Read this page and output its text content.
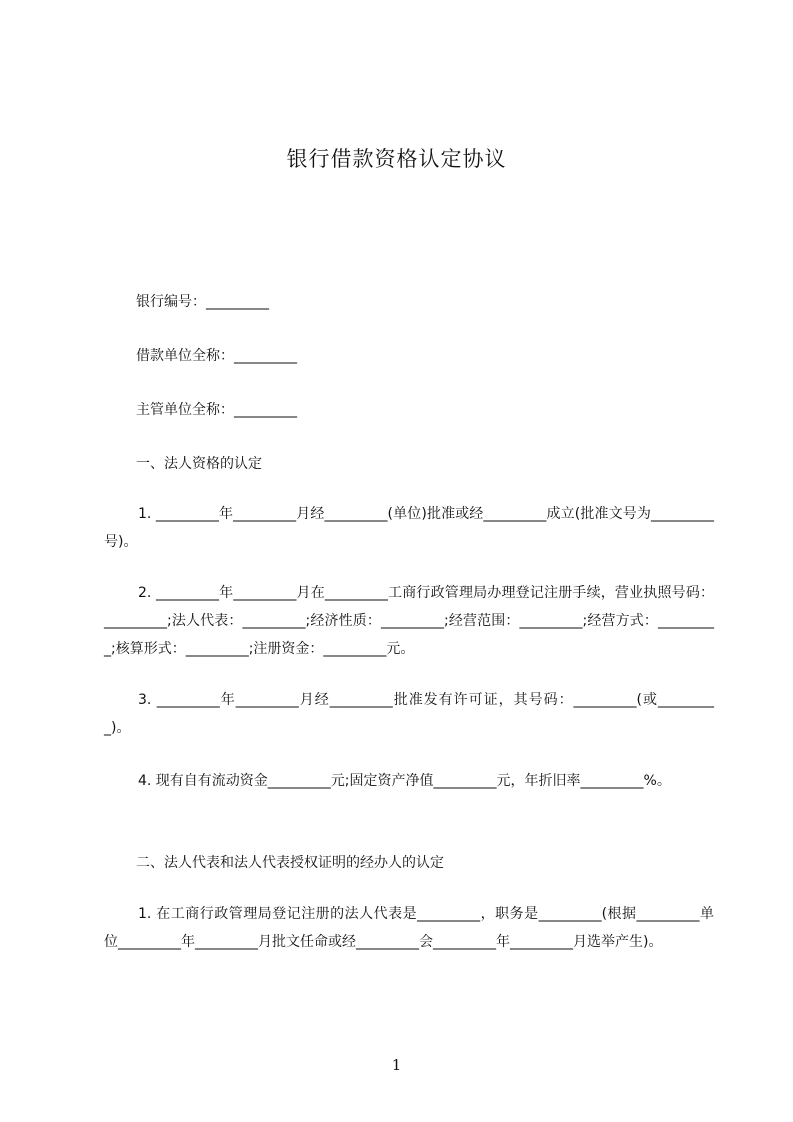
银行借款资格认定协议
银行编号：_________
借款单位全称：_________
主管单位全称：_________
一、法人资格的认定
1. _________年_________月经_________(单位)批准或经_________成立(批准文号为_________号)。
2. _________年_________月在_________工商行政管理局办理登记注册手续，营业执照号码：_________;法人代表：_________;经济性质：_________;经营范围：_________;经营方式：_________;核算形式：_________;注册资金：_________元。
3. _________年_________月经_________批准发有许可证，其号码：_________(或_________)。
4. 现有自有流动资金_________元;固定资产净值_________元，年折旧率_________%。
二、法人代表和法人代表授权证明的经办人的认定
1. 在工商行政管理局登记注册的法人代表是_________，职务是_________(根据_________单位_________年_________月批文任命或经_________会_________年_________月选举产生)。
1
